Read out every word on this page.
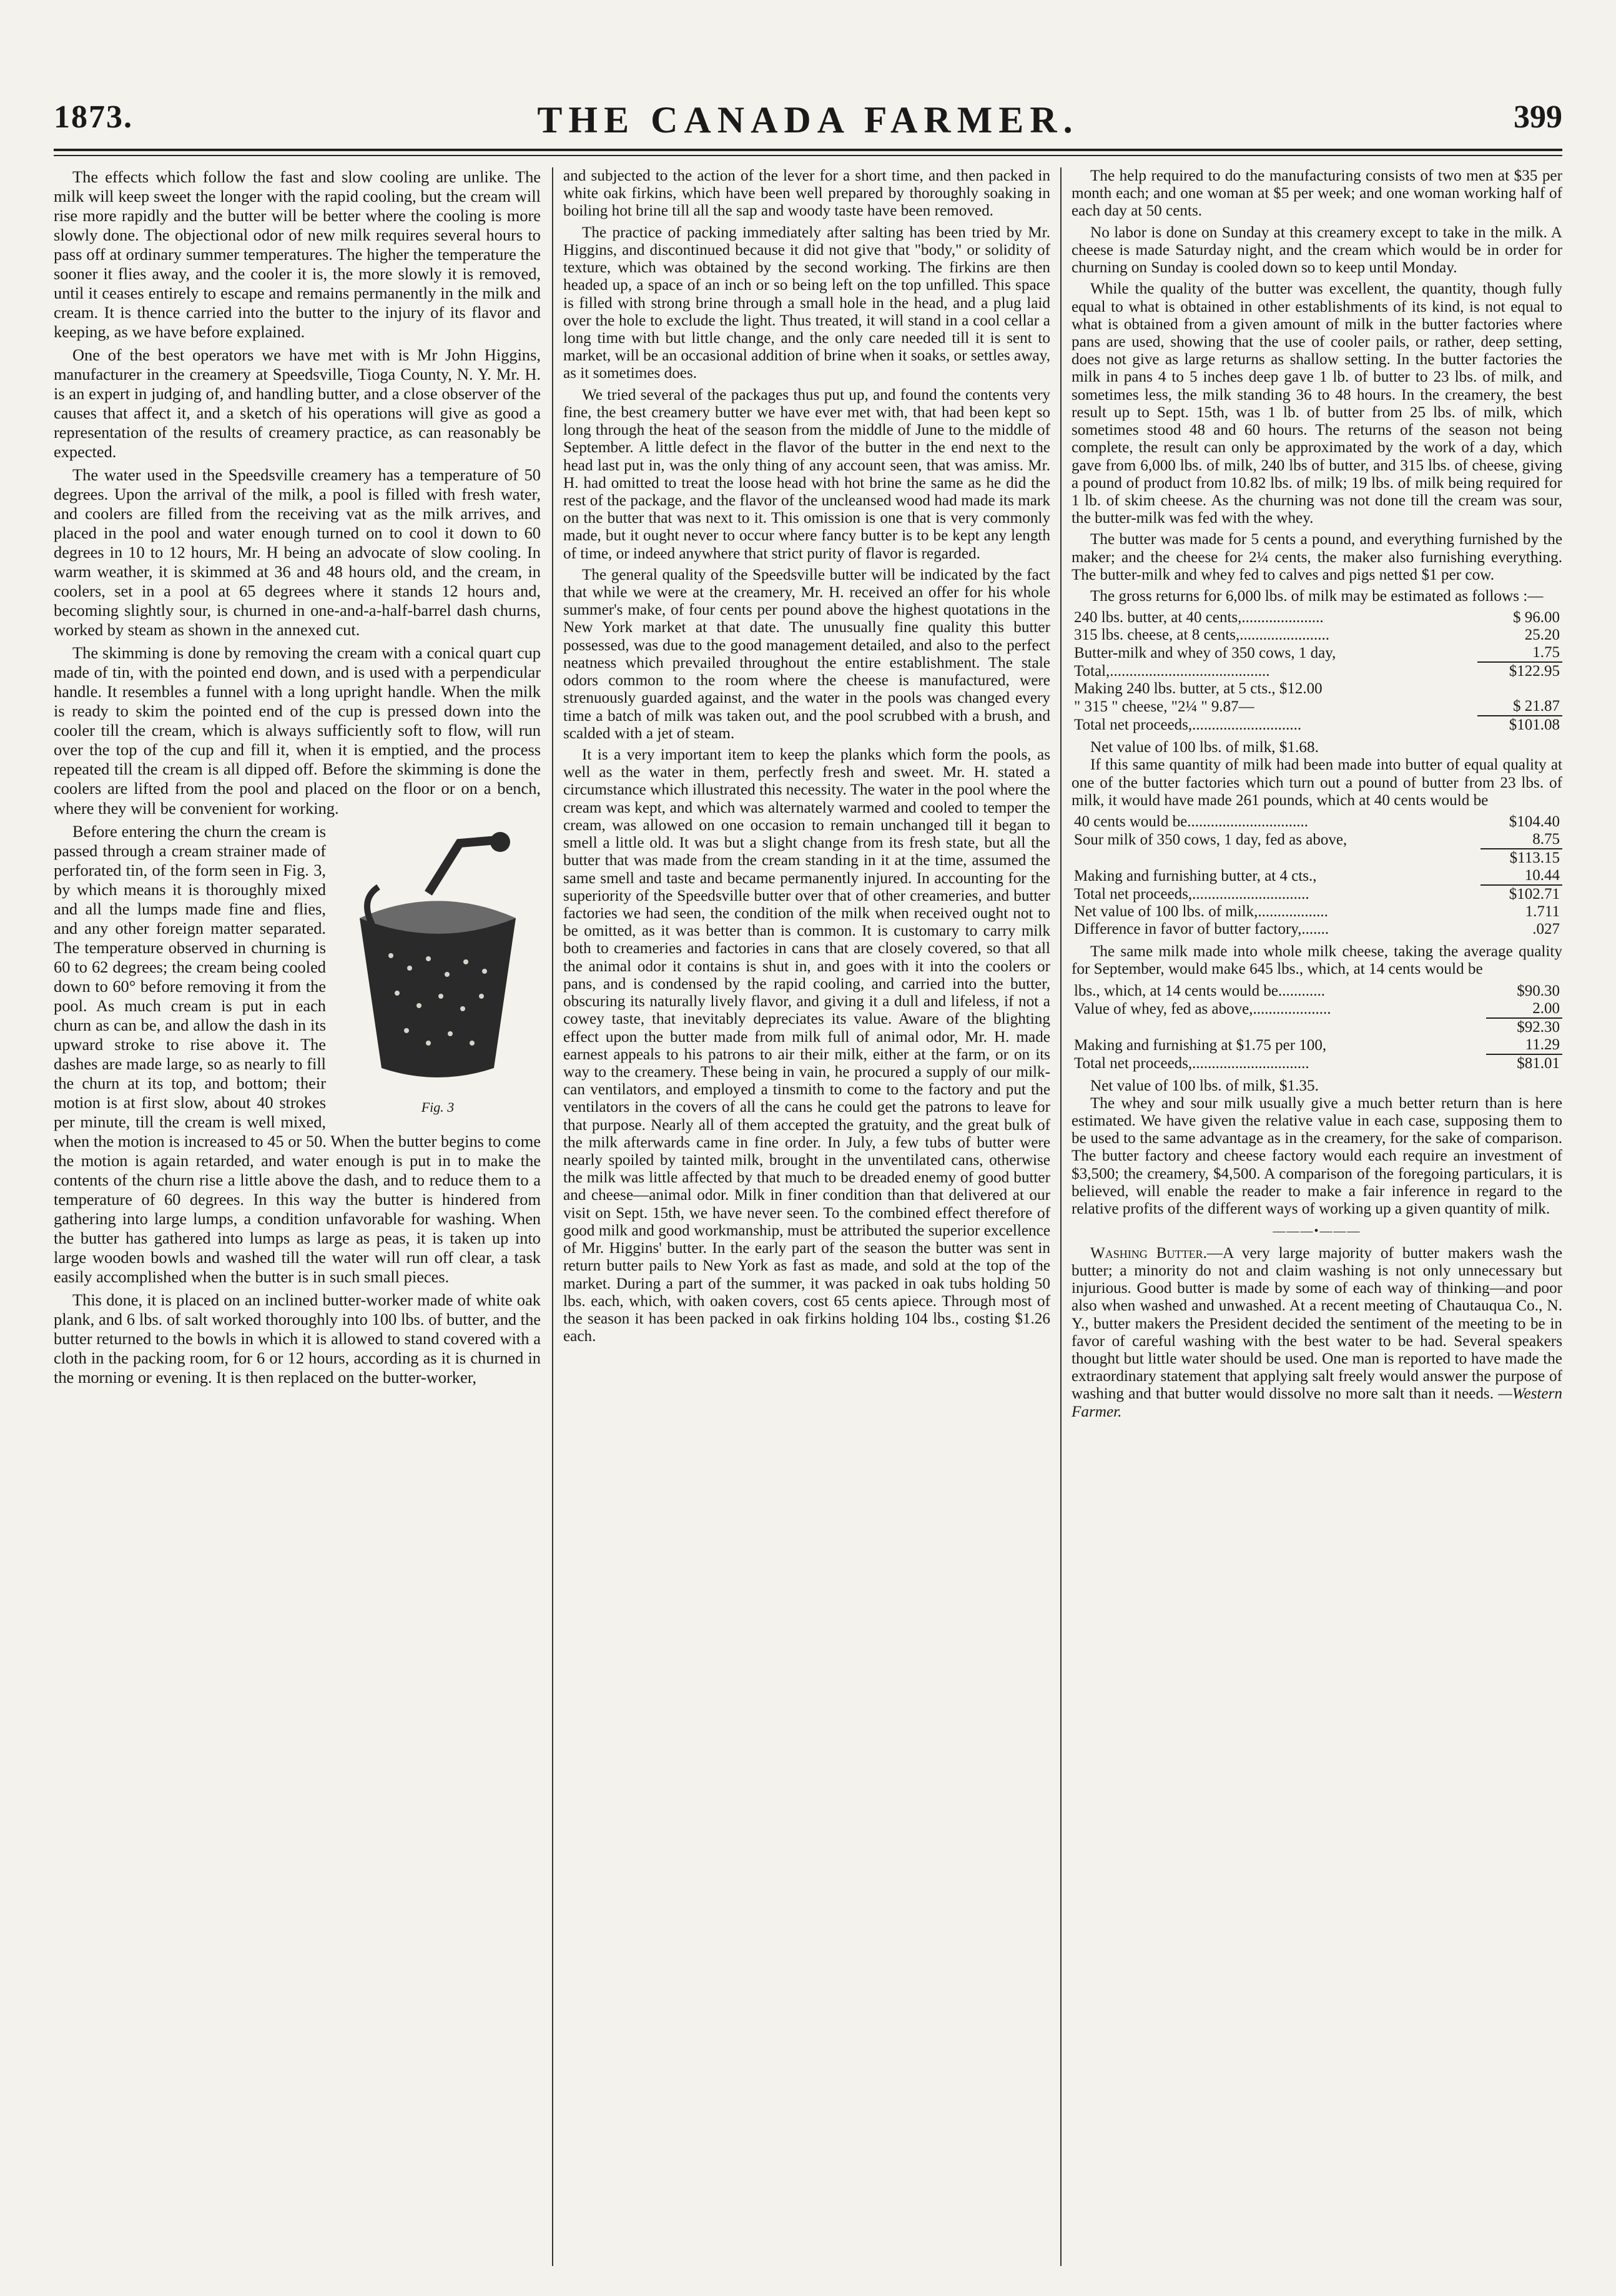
1873.	THE CANADA FARMER.	399

The effects which follow the fast and slow cooling are unlike. The milk will keep sweet the longer with the rapid cooling, but the cream will rise more rapidly and the butter will be better where the cooling is more slowly done. The objectional odor of new milk requires several hours to pass off at ordinary summer temperatures. The higher the temperature the sooner it flies away, and the cooler it is, the more slowly it is removed, until it ceases entirely to escape and remains permanently in the milk and cream. It is thence carried into the butter to the injury of its flavor and keeping, as we have before explained.

One of the best operators we have met with is Mr John Higgins, manufacturer in the creamery at Speedsville, Tioga County, N. Y. Mr. H. is an expert in judging of, and handling butter, and a close observer of the causes that affect it, and a sketch of his operations will give as good a representation of the results of creamery practice, as can reasonably be expected.

The water used in the Speedsville creamery has a temperature of 50 degrees. Upon the arrival of the milk, a pool is filled with fresh water, and coolers are filled from the receiving vat as the milk arrives, and placed in the pool and water enough turned on to cool it down to 60 degrees in 10 to 12 hours, Mr. H being an advocate of slow cooling. In warm weather, it is skimmed at 36 and 48 hours old, and the cream, in coolers, set in a pool at 65 degrees where it stands 12 hours and, becoming slightly sour, is churned in one-and-a-half-barrel dash churns, worked by steam as shown in the annexed cut.

The skimming is done by removing the cream with a conical quart cup made of tin, with the pointed end down, and is used with a perpendicular handle. It resembles a funnel with a long upright handle. When the milk is ready to skim the pointed end of the cup is pressed down into the cooler till the cream, which is always sufficiently soft to flow, will run over the top of the cup and fill it, when it is emptied, and the process repeated till the cream is all dipped off. Before the skimming is done the coolers are lifted from the pool and placed on the floor or on a bench, where they will be convenient for working.

Fig. 3

Before entering the churn the cream is passed through a cream strainer made of perforated tin, of the form seen in Fig. 3, by which means it is thoroughly mixed and all the lumps made fine and flies, and any other foreign matter separated. The temperature observed in churning is 60 to 62 degrees; the cream being cooled down to 60° before removing it from the pool. As much cream is put in each churn as can be, and allow the dash in its upward stroke to rise above it. The dashes are made large, so as nearly to fill the churn at its top, and bottom; their motion is at first slow, about 40 strokes per minute, till the cream is well mixed, when the motion is increased to 45 or 50. When the butter begins to come the motion is again retarded, and water enough is put in to make the contents of the churn rise a little above the dash, and to reduce them to a temperature of 60 degrees. In this way the butter is hindered from gathering into large lumps, a condition unfavorable for washing. When the butter has gathered into lumps as large as peas, it is taken up into large wooden bowls and washed till the water will run off clear, a task easily accomplished when the butter is in such small pieces.

This done, it is placed on an inclined butter-worker made of white oak plank, and 6 lbs. of salt worked thoroughly into 100 lbs. of butter, and the butter returned to the bowls in which it is allowed to stand covered with a cloth in the packing room, for 6 or 12 hours, according as it is churned in the morning or evening. It is then replaced on the butter-worker,

and subjected to the action of the lever for a short time, and then packed in white oak firkins, which have been well prepared by thoroughly soaking in boiling hot brine till all the sap and woody taste have been removed.

The practice of packing immediately after salting has been tried by Mr. Higgins, and discontinued because it did not give that "body," or solidity of texture, which was obtained by the second working. The firkins are then headed up, a space of an inch or so being left on the top unfilled. This space is filled with strong brine through a small hole in the head, and a plug laid over the hole to exclude the light. Thus treated, it will stand in a cool cellar a long time with but little change, and the only care needed till it is sent to market, will be an occasional addition of brine when it soaks, or settles away, as it sometimes does.

We tried several of the packages thus put up, and found the contents very fine, the best creamery butter we have ever met with, that had been kept so long through the heat of the season from the middle of June to the middle of September. A little defect in the flavor of the butter in the end next to the head last put in, was the only thing of any account seen, that was amiss. Mr. H. had omitted to treat the loose head with hot brine the same as he did the rest of the package, and the flavor of the uncleansed wood had made its mark on the butter that was next to it. This omission is one that is very commonly made, but it ought never to occur where fancy butter is to be kept any length of time, or indeed anywhere that strict purity of flavor is regarded.

The general quality of the Speedsville butter will be indicated by the fact that while we were at the creamery, Mr. H. received an offer for his whole summer's make, of four cents per pound above the highest quotations in the New York market at that date. The unusually fine quality this butter possessed, was due to the good management detailed, and also to the perfect neatness which prevailed throughout the entire establishment. The stale odors common to the room where the cheese is manufactured, were strenuously guarded against, and the water in the pools was changed every time a batch of milk was taken out, and the pool scrubbed with a brush, and scalded with a jet of steam.

It is a very important item to keep the planks which form the pools, as well as the water in them, perfectly fresh and sweet. Mr. H. stated a circumstance which illustrated this necessity. The water in the pool where the cream was kept, and which was alternately warmed and cooled to temper the cream, was allowed on one occasion to remain unchanged till it began to smell a little old. It was but a slight change from its fresh state, but all the butter that was made from the cream standing in it at the time, assumed the same smell and taste and became permanently injured. In accounting for the superiority of the Speedsville butter over that of other creameries, and butter factories we had seen, the condition of the milk when received ought not to be omitted, as it was better than is common. It is customary to carry milk both to creameries and factories in cans that are closely covered, so that all the animal odor it contains is shut in, and goes with it into the coolers or pans, and is condensed by the rapid cooling, and carried into the butter, obscuring its naturally lively flavor, and giving it a dull and lifeless, if not a cowey taste, that inevitably depreciates its value. Aware of the blighting effect upon the butter made from milk full of animal odor, Mr. H. made earnest appeals to his patrons to air their milk, either at the farm, or on its way to the creamery. These being in vain, he procured a supply of our milk-can ventilators, and employed a tinsmith to come to the factory and put the ventilators in the covers of all the cans he could get the patrons to leave for that purpose. Nearly all of them accepted the gratuity, and the great bulk of the milk afterwards came in fine order. In July, a few tubs of butter were nearly spoiled by tainted milk, brought in the unventilated cans, otherwise the milk was little affected by that much to be dreaded enemy of good butter and cheese—animal odor. Milk in finer condition than that delivered at our visit on Sept. 15th, we have never seen. To the combined effect therefore of good milk and good workmanship, must be attributed the superior excellence of Mr. Higgins' butter. In the early part of the season the butter was sent in return butter pails to New York as fast as made, and sold at the top of the market. During a part of the summer, it was packed in oak tubs holding 50 lbs. each, which, with oaken covers, cost 65 cents apiece. Through most of the season it has been packed in oak firkins holding 104 lbs., costing $1.26 each.

The help required to do the manufacturing consists of two men at $35 per month each; and one woman at $5 per week; and one woman working half of each day at 50 cents.

No labor is done on Sunday at this creamery except to take in the milk. A cheese is made Saturday night, and the cream which would be in order for churning on Sunday is cooled down so to keep until Monday.

While the quality of the butter was excellent, the quantity, though fully equal to what is obtained in other establishments of its kind, is not equal to what is obtained from a given amount of milk in the butter factories where pans are used, showing that the use of cooler pails, or rather, deep setting, does not give as large returns as shallow setting. In the butter factories the milk in pans 4 to 5 inches deep gave 1 lb. of butter to 23 lbs. of milk, and sometimes less, the milk standing 36 to 48 hours. In the creamery, the best result up to Sept. 15th, was 1 lb. of butter from 25 lbs. of milk, which sometimes stood 48 and 60 hours. The returns of the season not being complete, the result can only be approximated by the work of a day, which gave from 6,000 lbs. of milk, 240 lbs of butter, and 315 lbs. of cheese, giving a pound of product from 10.82 lbs. of milk; 19 lbs. of milk being required for 1 lb. of skim cheese. As the churning was not done till the cream was sour, the butter-milk was fed with the whey.

The butter was made for 5 cents a pound, and everything furnished by the maker; and the cheese for 2¼ cents, the maker also furnishing everything. The butter-milk and whey fed to calves and pigs netted $1 per cow.

The gross returns for 6,000 lbs. of milk may be estimated as follows :—

240 lbs. butter, at 40 cents,.....................	$ 96.00
315 lbs. cheese, at 8 cents,.......................	25.20
Butter-milk and whey of 350 cows, 1 day,	1.75
Total,.........................................	$122.95
Making 240 lbs. butter, at 5 cts., $12.00	
" 315 " cheese, "2¼ " 9.87—	$ 21.87
Total net proceeds,............................	$101.08

Net value of 100 lbs. of milk, $1.68.

If this same quantity of milk had been made into butter of equal quality at one of the butter factories which turn out a pound of butter from 23 lbs. of milk, it would have made 261 pounds, which at 40 cents would be

40 cents would be...............................	$104.40
Sour milk of 350 cows, 1 day, fed as above,	8.75
	$113.15
Making and furnishing butter, at 4 cts.,	10.44
Total net proceeds,..............................	$102.71
Net value of 100 lbs. of milk,..................	1.711
Difference in favor of butter factory,.......	.027

The same milk made into whole milk cheese, taking the average quality for September, would make 645 lbs., which, at 14 cents would be

lbs., which, at 14 cents would be............	$90.30
Value of whey, fed as above,....................	2.00
	$92.30
Making and furnishing at $1.75 per 100,	11.29
Total net proceeds,..............................	$81.01

Net value of 100 lbs. of milk, $1.35.

The whey and sour milk usually give a much better return than is here estimated. We have given the relative value in each case, supposing them to be used to the same advantage as in the creamery, for the sake of comparison. The butter factory and cheese factory would each require an investment of $3,500; the creamery, $4,500. A comparison of the foregoing particulars, it is believed, will enable the reader to make a fair inference in regard to the relative profits of the different ways of working up a given quantity of milk.

———•———

Washing Butter.—A very large majority of butter makers wash the butter; a minority do not and claim washing is not only unnecessary but injurious. Good butter is made by some of each way of thinking—and poor also when washed and unwashed. At a recent meeting of Chautauqua Co., N. Y., butter makers the President decided the sentiment of the meeting to be in favor of careful washing with the best water to be had. Several speakers thought but little water should be used. One man is reported to have made the extraordinary statement that applying salt freely would answer the purpose of washing and that butter would dissolve no more salt than it needs. —Western Farmer.
